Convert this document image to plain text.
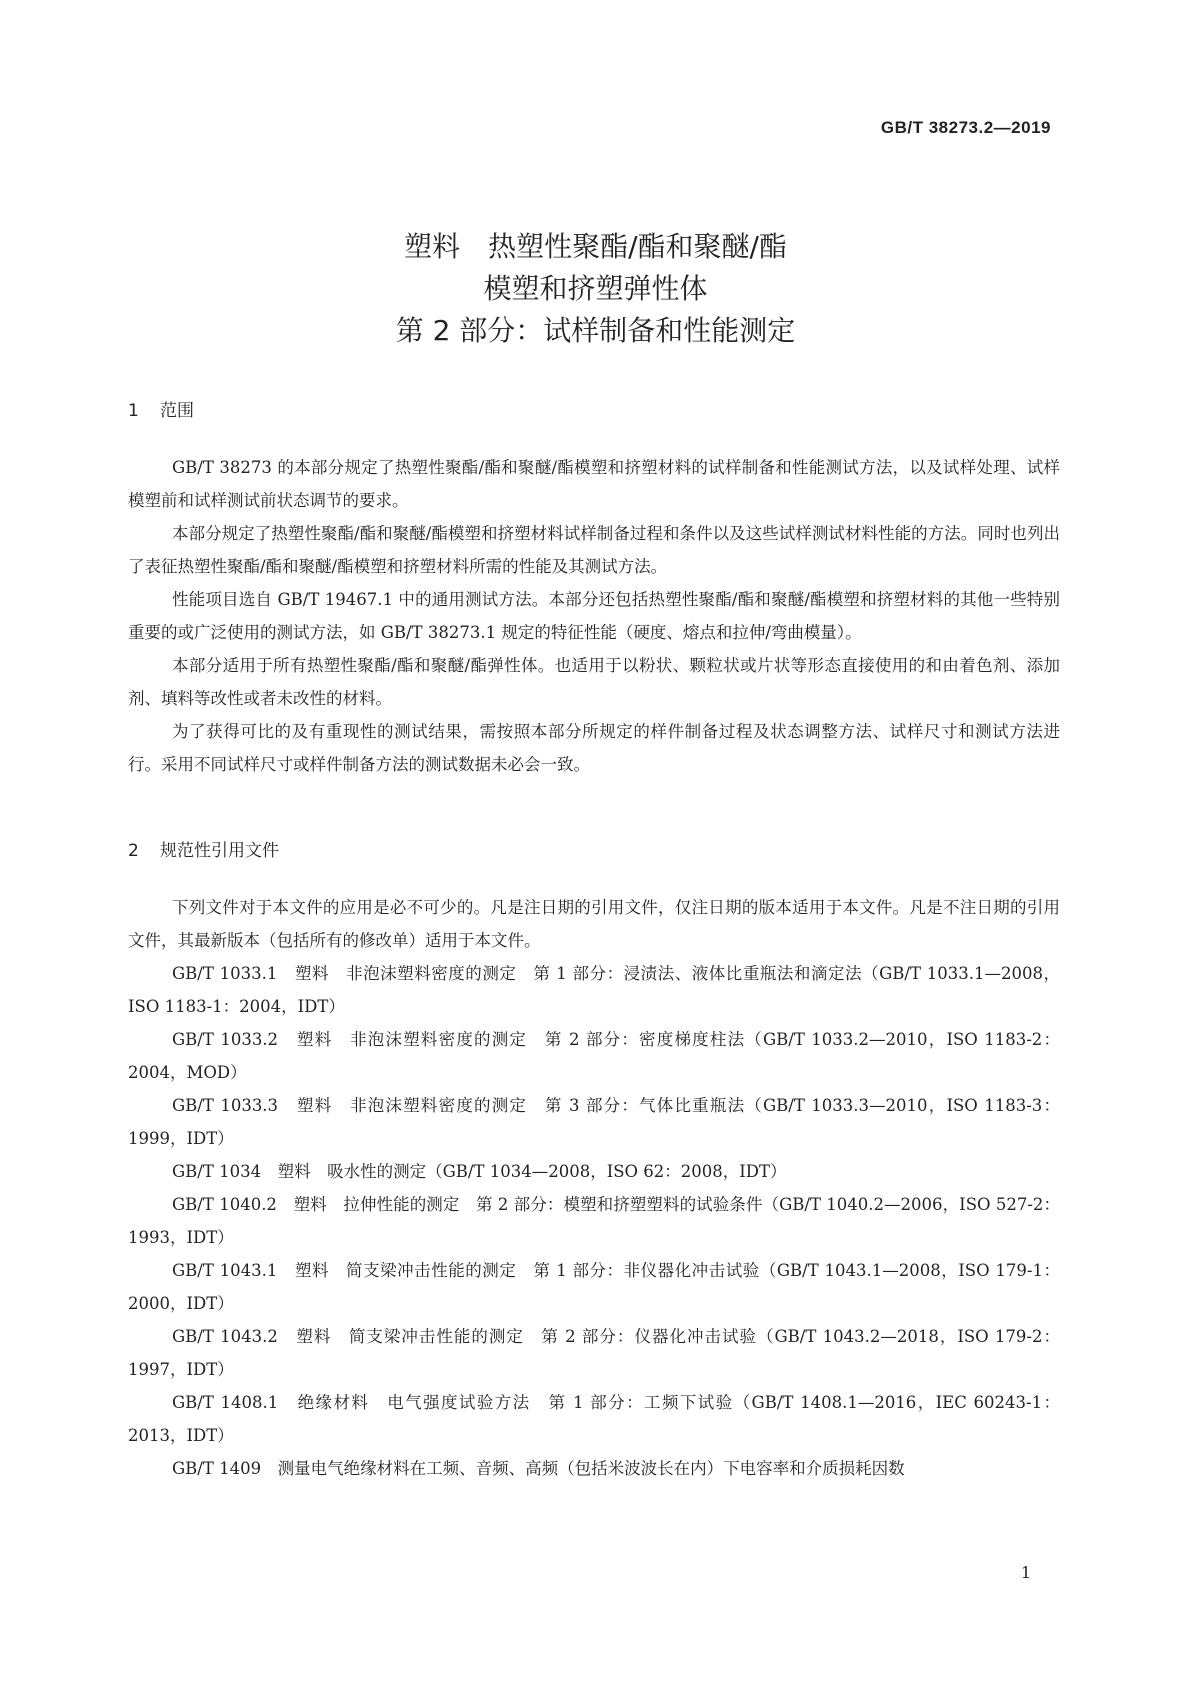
GB/T 38273.2—2019
塑料　热塑性聚酯/酯和聚醚/酯
模塑和挤塑弹性体
第 2 部分：试样制备和性能测定
1 范围

GB/T 38273 的本部分规定了热塑性聚酯/酯和聚醚/酯模塑和挤塑材料的试样制备和性能测试方法，以及试样处理、试样模塑前和试样测试前状态调节的要求。

本部分规定了热塑性聚酯/酯和聚醚/酯模塑和挤塑材料试样制备过程和条件以及这些试样测试材料性能的方法。同时也列出了表征热塑性聚酯/酯和聚醚/酯模塑和挤塑材料所需的性能及其测试方法。

性能项目选自 GB/T 19467.1 中的通用测试方法。本部分还包括热塑性聚酯/酯和聚醚/酯模塑和挤塑材料的其他一些特别重要的或广泛使用的测试方法，如 GB/T 38273.1 规定的特征性能（硬度、熔点和拉伸/弯曲模量）。

本部分适用于所有热塑性聚酯/酯和聚醚/酯弹性体。也适用于以粉状、颗粒状或片状等形态直接使用的和由着色剂、添加剂、填料等改性或者未改性的材料。

为了获得可比的及有重现性的测试结果，需按照本部分所规定的样件制备过程及状态调整方法、试样尺寸和测试方法进行。采用不同试样尺寸或样件制备方法的测试数据未必会一致。

2 规范性引用文件

下列文件对于本文件的应用是必不可少的。凡是注日期的引用文件，仅注日期的版本适用于本文件。凡是不注日期的引用文件，其最新版本（包括所有的修改单）适用于本文件。

GB/T 1033.1　 塑料　非泡沫塑料密度的测定　第 1 部分：浸渍法、液体比重瓶法和滴定法（GB/T 1033.1—2008，ISO 1183-1：2004，IDT）

GB/T 1033.2　 塑料　非泡沫塑料密度的测定　第 2 部分：密度梯度柱法（GB/T 1033.2—2010，ISO 1183-2：2004，MOD）

GB/T 1033.3　 塑料　非泡沫塑料密度的测定　第 3 部分：气体比重瓶法（GB/T 1033.3—2010，ISO 1183-3：1999，IDT）

GB/T 1034　 塑料　吸水性的测定（GB/T 1034—2008，ISO 62：2008，IDT）

GB/T 1040.2　 塑料　拉伸性能的测定　第 2 部分：模塑和挤塑塑料的试验条件（GB/T 1040.2—2006，ISO 527-2：1993，IDT）

GB/T 1043.1　 塑料　简支梁冲击性能的测定　第 1 部分：非仪器化冲击试验（GB/T 1043.1—2008，ISO 179-1：2000，IDT）

GB/T 1043.2　 塑料　简支梁冲击性能的测定　第 2 部分：仪器化冲击试验（GB/T 1043.2—2018，ISO 179-2：1997，IDT）

GB/T 1408.1　 绝缘材料　电气强度试验方法　第 1 部分：工频下试验（GB/T 1408.1—2016，IEC 60243-1：2013，IDT）

GB/T 1409　 测量电气绝缘材料在工频、音频、高频（包括米波波长在内）下电容率和介质损耗因数

1
